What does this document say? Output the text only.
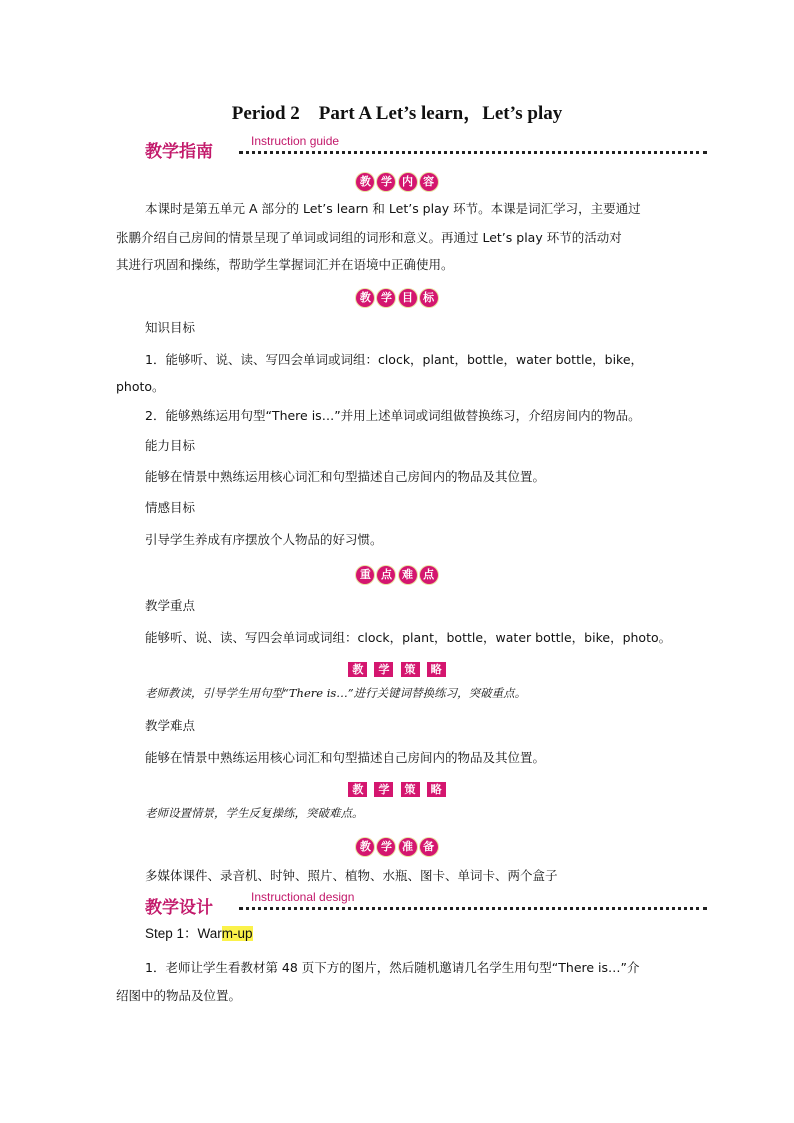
Period 2　Part A Let’s learn，Let’s play
教学指南
Instruction guide
教 学 内 容
本课时是第五单元 A 部分的 Let’s learn 和 Let’s play 环节。本课是词汇学习，主要通过
张鹏介绍自己房间的情景呈现了单词或词组的词形和意义。再通过 Let’s play 环节的活动对
其进行巩固和操练，帮助学生掌握词汇并在语境中正确使用。
教 学 目 标
知识目标
1．能够听、说、读、写四会单词或词组：clock，plant，bottle，water bottle，bike，
photo。
2．能够熟练运用句型“There is…”并用上述单词或词组做替换练习，介绍房间内的物品。
能力目标
能够在情景中熟练运用核心词汇和句型描述自己房间内的物品及其位置。
情感目标
引导学生养成有序摆放个人物品的好习惯。
重 点 难 点
教学重点
能够听、说、读、写四会单词或词组：clock，plant，bottle，water bottle，bike，photo。
教 学 策 略
老师教读，引导学生用句型“There is…”进行关键词替换练习，突破重点。
教学难点
能够在情景中熟练运用核心词汇和句型描述自己房间内的物品及其位置。
教 学 策 略
老师设置情景，学生反复操练，突破难点。
教 学 准 备
多媒体课件、录音机、时钟、照片、植物、水瓶、图卡、单词卡、两个盒子
教学设计
Instructional design
Step 1：Warm-up
1．老师让学生看教材第 48 页下方的图片，然后随机邀请几名学生用句型“There is…”介
绍图中的物品及位置。
